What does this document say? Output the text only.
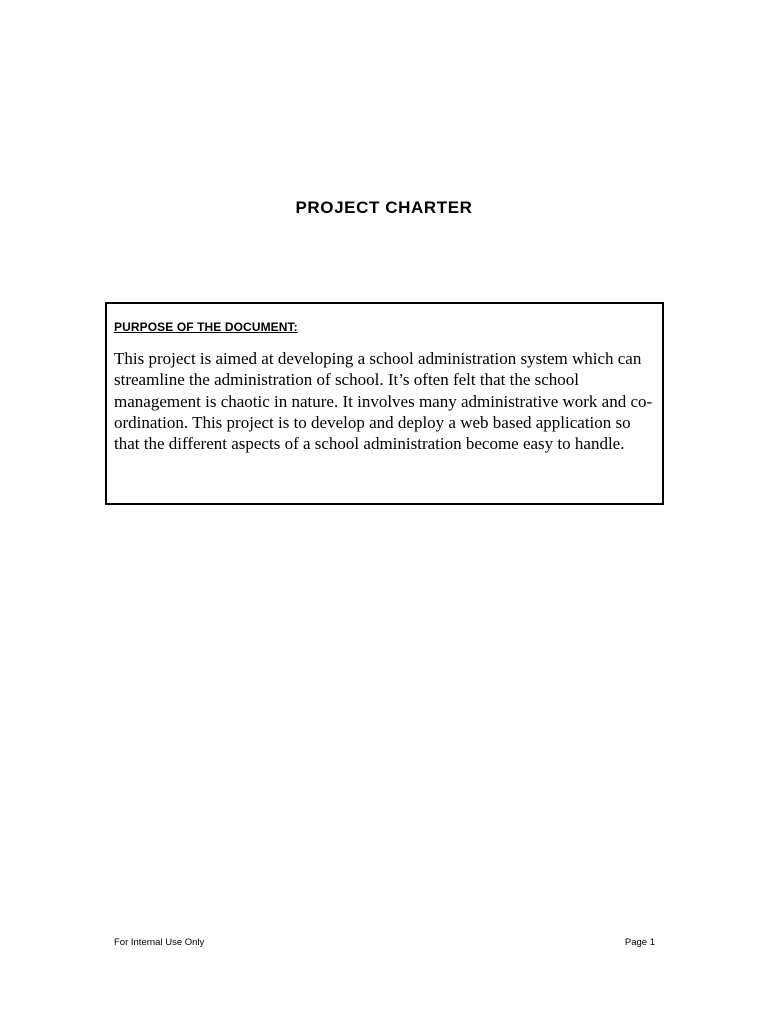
PROJECT CHARTER
PURPOSE OF THE DOCUMENT:
This project is aimed at developing a school administration system which can streamline the administration of school. It’s often felt that the school management is chaotic in nature. It involves many administrative work and co-ordination. This project is to develop and deploy a web based application so that the different aspects of a school administration become easy to handle.
For Internal Use Only	Page 1
